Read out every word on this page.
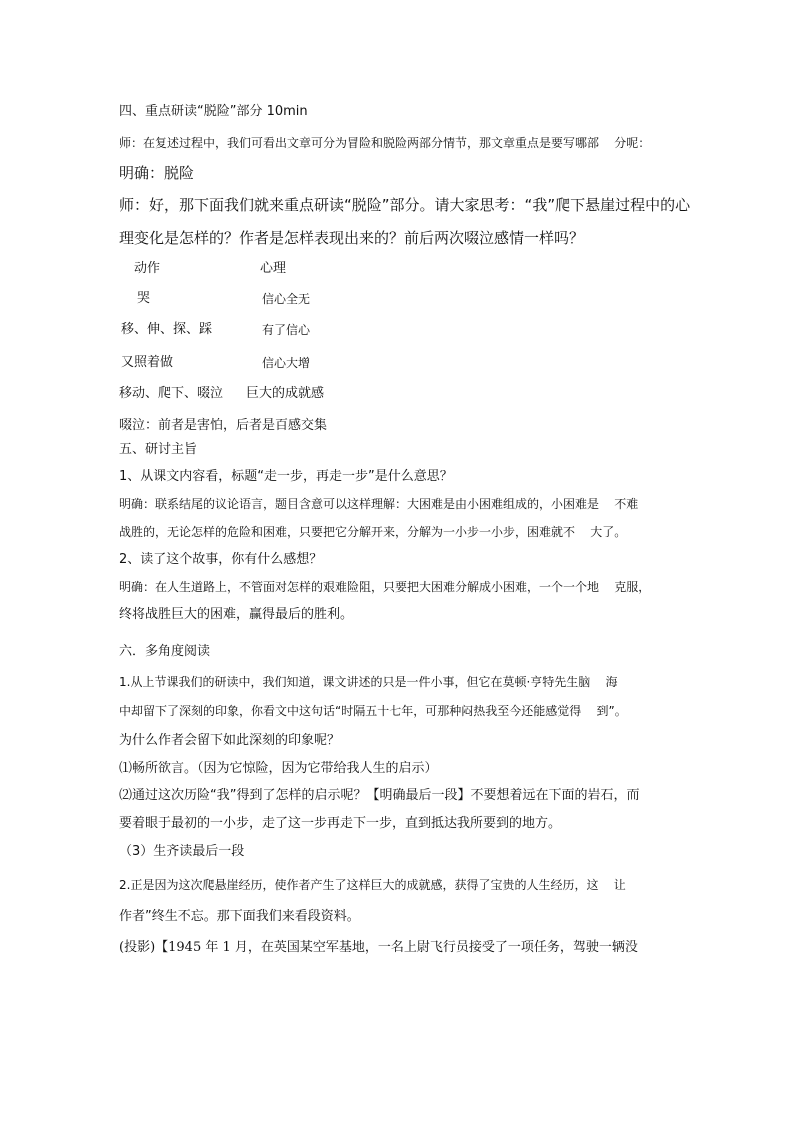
四、重点研读“脱险”部分 10min
师：在复述过程中，我们可看出文章可分为冒险和脱险两部分情节，那文章重点是要写哪部    分呢：
明确：脱险
师：好，那下面我们就来重点研读“脱险”部分。请大家思考：“我”爬下悬崖过程中的心
理变化是怎样的？作者是怎样表现出来的？前后两次啜泣感情一样吗？
动作	心理
哭	信心全无
移、伸、探、踩	有了信心
又照着做	信心大增
移动、爬下、啜泣 巨大的成就感
啜泣：前者是害怕，后者是百感交集
五、研讨主旨
1、从课文内容看，标题“走一步，再走一步”是什么意思？
明确：联系结尾的议论语言，题目含意可以这样理解：大困难是由小困难组成的，小困难是    不难
战胜的，无论怎样的危险和困难，只要把它分解开来，分解为一小步一小步，困难就不    大了。
2、读了这个故事，你有什么感想？
明确：在人生道路上，不管面对怎样的艰难险阻，只要把大困难分解成小困难，一个一个地    克服，
终将战胜巨大的困难，赢得最后的胜利。
六．多角度阅读
1.从上节课我们的研读中，我们知道，课文讲述的只是一件小事，但它在莫顿·亨特先生脑    海
中却留下了深刻的印象，你看文中这句话“时隔五十七年，可那种闷热我至今还能感觉得    到”。
为什么作者会留下如此深刻的印象呢？
⑴畅所欲言。（因为它惊险，因为它带给我人生的启示）
⑵通过这次历险“我”得到了怎样的启示呢？【明确最后一段】不要想着远在下面的岩石，而
要着眼于最初的一小步，走了这一步再走下一步，直到抵达我所要到的地方。
（3）生齐读最后一段
2.正是因为这次爬悬崖经历，使作者产生了这样巨大的成就感，获得了宝贵的人生经历，这    让
作者”终生不忘。那下面我们来看段资料。
(投影)【1945 年 1 月，在英国某空军基地，一名上尉飞行员接受了一项任务，驾驶一辆没
